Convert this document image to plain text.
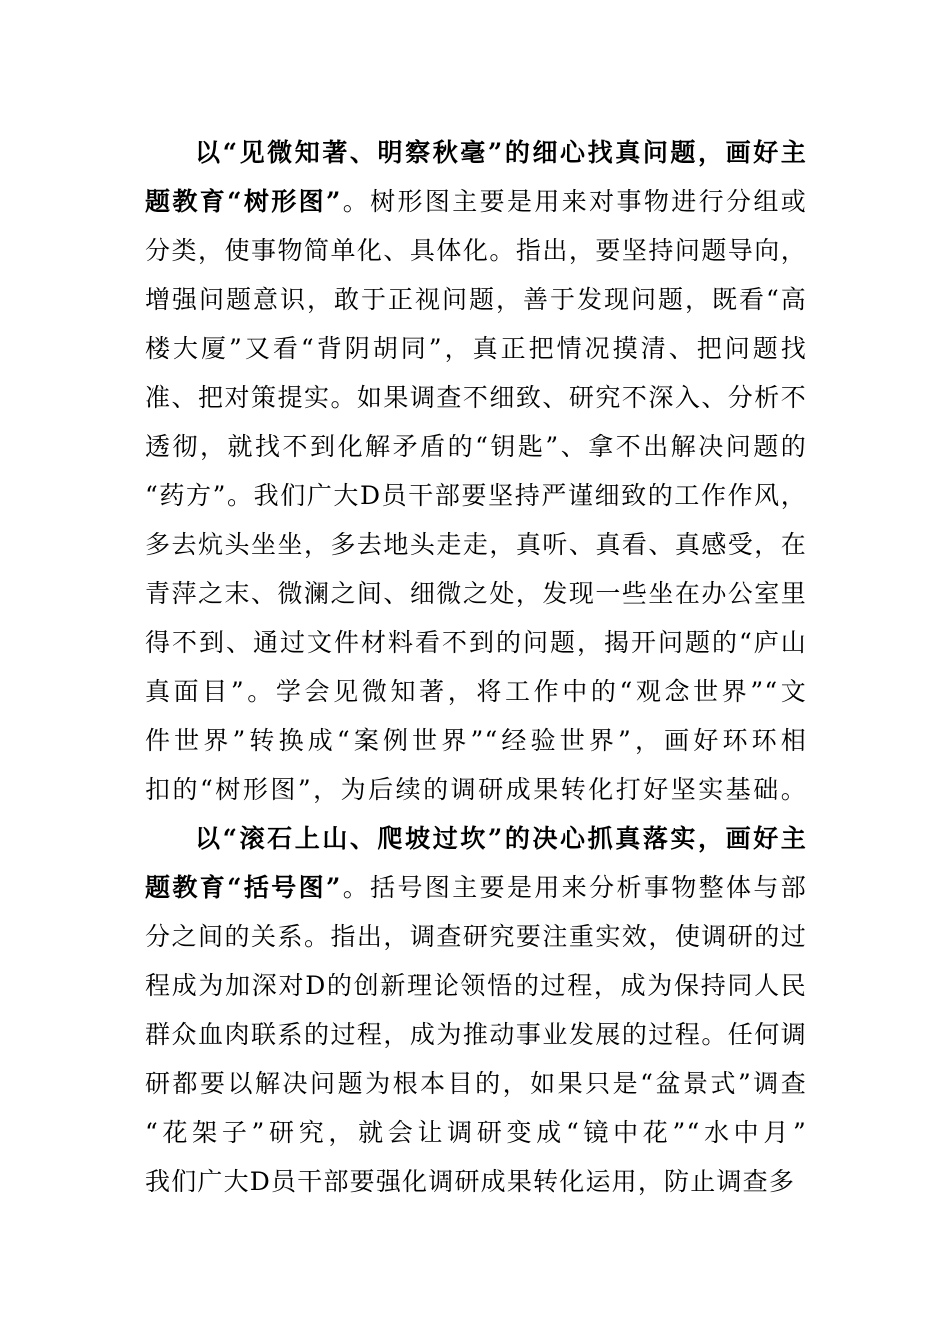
以“见微知著、明察秋毫”的细心找真问题，画好主
题教育“树形图”。树形图主要是用来对事物进行分组或
分类，使事物简单化、具体化。指出，要坚持问题导向，
增强问题意识，敢于正视问题，善于发现问题，既看“高
楼大厦”又看“背阴胡同”，真正把情况摸清、把问题找
准、把对策提实。如果调查不细致、研究不深入、分析不
透彻，就找不到化解矛盾的“钥匙”、拿不出解决问题的
“药方”。我们广大D员干部要坚持严谨细致的工作作风，
多去炕头坐坐，多去地头走走，真听、真看、真感受，在
青萍之末、微澜之间、细微之处，发现一些坐在办公室里
得不到、通过文件材料看不到的问题，揭开问题的“庐山
真面目”。学会见微知著，将工作中的“观念世界”“文
件世界”转换成“案例世界”“经验世界”，画好环环相
扣的“树形图”，为后续的调研成果转化打好坚实基础。
以“滚石上山、爬坡过坎”的决心抓真落实，画好主
题教育“括号图”。括号图主要是用来分析事物整体与部
分之间的关系。指出，调查研究要注重实效，使调研的过
程成为加深对D的创新理论领悟的过程，成为保持同人民
群众血肉联系的过程，成为推动事业发展的过程。任何调
研都要以解决问题为根本目的，如果只是“盆景式”调查
“花架子”研究，就会让调研变成“镜中花”“水中月”
我们广大D员干部要强化调研成果转化运用，防止调查多
